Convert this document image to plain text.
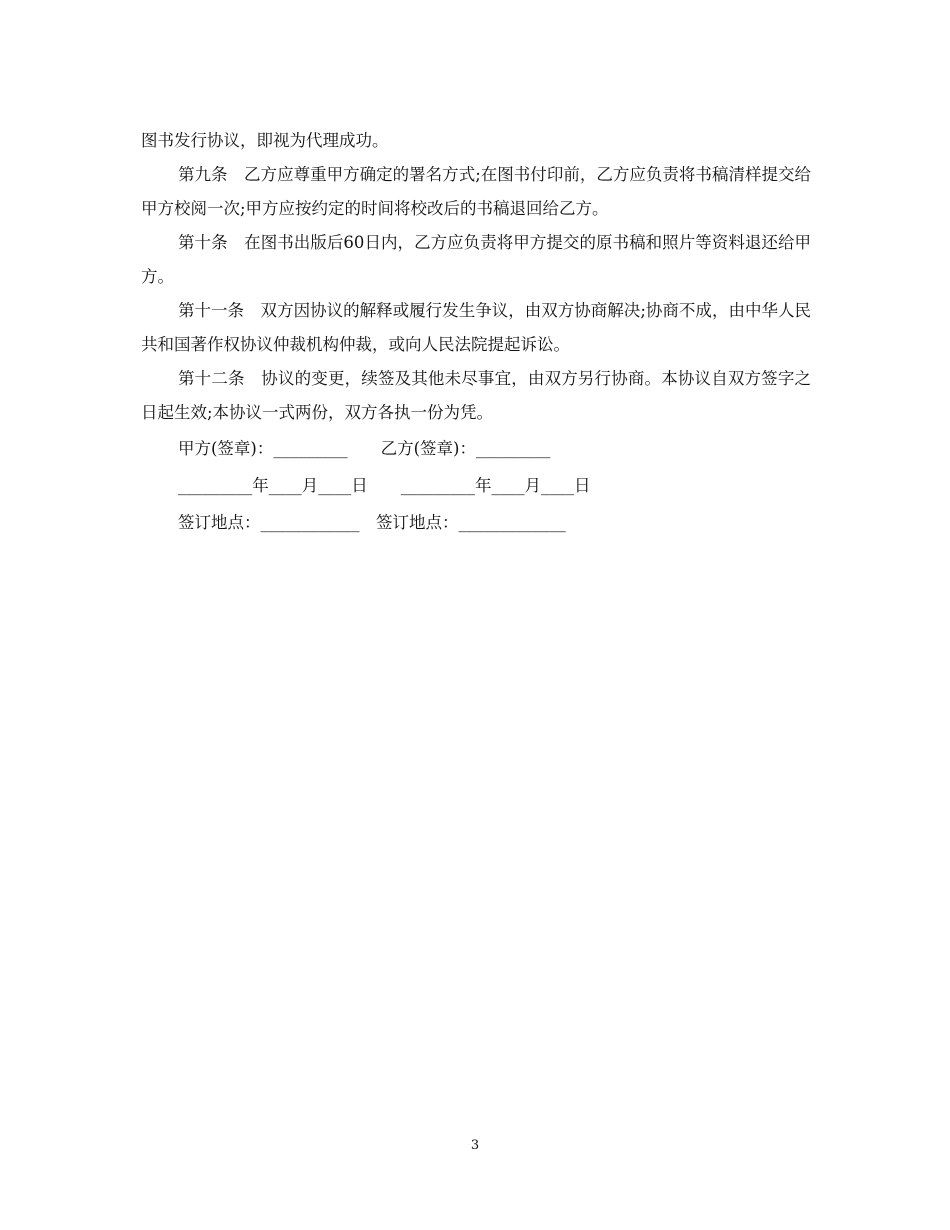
图书发行协议，即视为代理成功。

第九条　乙方应尊重甲方确定的署名方式;在图书付印前，乙方应负责将书稿清样提交给甲方校阅一次;甲方应按约定的时间将校改后的书稿退回给乙方。

第十条　在图书出版后60日内，乙方应负责将甲方提交的原书稿和照片等资料退还给甲方。

第十一条　双方因协议的解释或履行发生争议，由双方协商解决;协商不成，由中华人民共和国著作权协议仲裁机构仲裁，或向人民法院提起诉讼。

第十二条　协议的变更，续签及其他未尽事宜，由双方另行协商。本协议自双方签字之日起生效;本协议一式两份，双方各执一份为凭。

甲方(签章)：_________　　乙方(签章)：_________

_________年____月____日　　_________年____月____日

签订地点：____________　签订地点：_____________

3
